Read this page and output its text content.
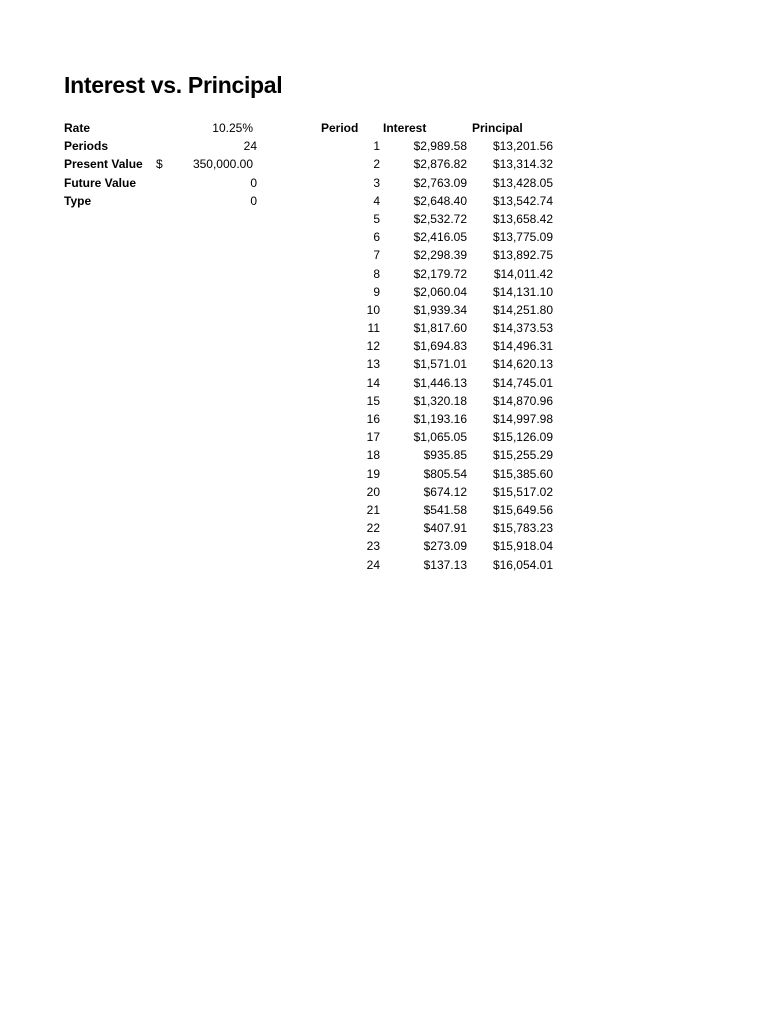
Interest vs. Principal
Rate	10.25%
Periods	24
Present Value $	350,000.00
Future Value	0
Type	0
Period Interest	Principal
1	$2,989.58 $13,201.56
2	$2,876.82 $13,314.32
3	$2,763.09 $13,428.05
4	$2,648.40 $13,542.74
5	$2,532.72 $13,658.42
6	$2,416.05 $13,775.09
7	$2,298.39 $13,892.75
8	$2,179.72 $14,011.42
9	$2,060.04 $14,131.10
10	$1,939.34 $14,251.80
11	$1,817.60 $14,373.53
12	$1,694.83 $14,496.31
13	$1,571.01 $14,620.13
14	$1,446.13 $14,745.01
15	$1,320.18 $14,870.96
16	$1,193.16 $14,997.98
17	$1,065.05 $15,126.09
18	$935.85 $15,255.29
19	$805.54 $15,385.60
20	$674.12 $15,517.02
21	$541.58 $15,649.56
22	$407.91 $15,783.23
23	$273.09 $15,918.04
24	$137.13 $16,054.01
